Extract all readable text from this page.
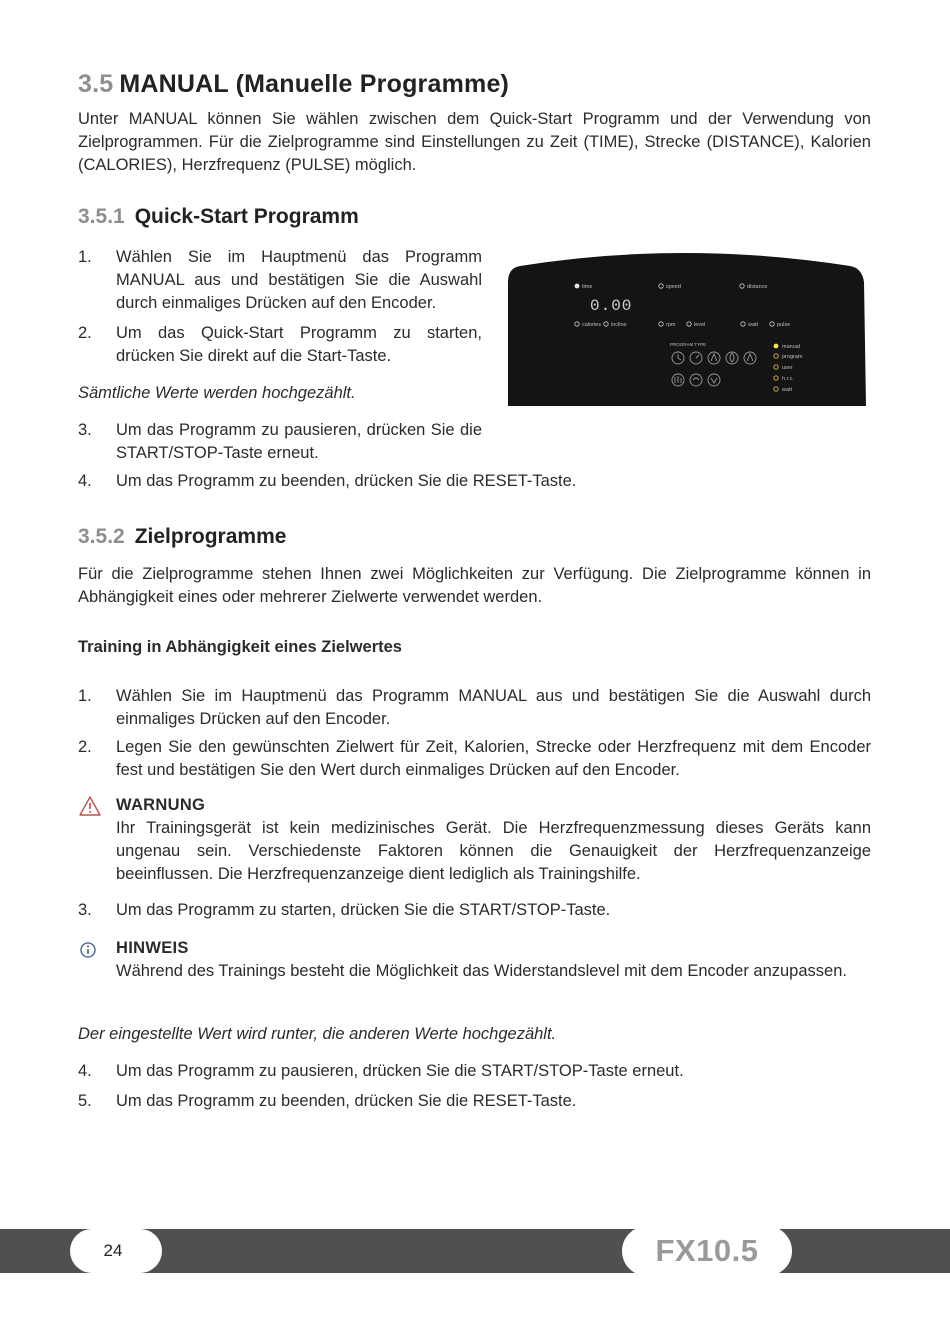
3.5 MANUAL (Manuelle Programme)
Unter MANUAL können Sie wählen zwischen dem Quick-Start Programm und der Verwendung von Zielprogrammen. Für die Zielprogramme sind Einstellungen zu Zeit (TIME), Strecke (DISTANCE), Kalorien (CALORIES), Herzfrequenz (PULSE) möglich.
3.5.1 Quick-Start Programm
1.	Wählen Sie im Hauptmenü das Programm MANUAL aus und bestätigen Sie die Auswahl durch einmaliges Drücken auf den Encoder.
2.	Um das Quick-Start Programm zu starten, drücken Sie direkt auf die Start-Taste.
Sämtliche Werte werden hochgezählt.
3.	Um das Programm zu pausieren, drücken Sie die START/STOP-Taste erneut.
4.	Um das Programm zu beenden, drücken Sie die RESET-Taste.
time	speed	distance
0.00
calories incline	rpm	level	watt	pulse
PROGRAM TYPE	manual
program
user
h.r.c.
watt
3.5.2 Zielprogramme
Für die Zielprogramme stehen Ihnen zwei Möglichkeiten zur Verfügung. Die Zielprogramme können in Abhängigkeit eines oder mehrerer Zielwerte verwendet werden.
Training in Abhängigkeit eines Zielwertes
1.	Wählen Sie im Hauptmenü das Programm MANUAL aus und bestätigen Sie die Auswahl durch einmaliges Drücken auf den Encoder.
2.	Legen Sie den gewünschten Zielwert für Zeit, Kalorien, Strecke oder Herzfrequenz mit dem Encoder fest und bestätigen Sie den Wert durch einmaliges Drücken auf den Encoder.
WARNUNG
Ihr Trainingsgerät ist kein medizinisches Gerät. Die Herzfrequenzmessung dieses Geräts kann ungenau sein. Verschiedenste Faktoren können die Genauigkeit der Herzfrequenzanzeige beeinflussen. Die Herzfrequenzanzeige dient lediglich als Trainingshilfe.
3.	Um das Programm zu starten, drücken Sie die START/STOP-Taste.
HINWEIS
Während des Trainings besteht die Möglichkeit das Widerstandslevel mit dem Encoder anzupassen.
Der eingestellte Wert wird runter, die anderen Werte hochgezählt.
4.	Um das Programm zu pausieren, drücken Sie die START/STOP-Taste erneut.
5.	Um das Programm zu beenden, drücken Sie die RESET-Taste.
24	FX10.5
